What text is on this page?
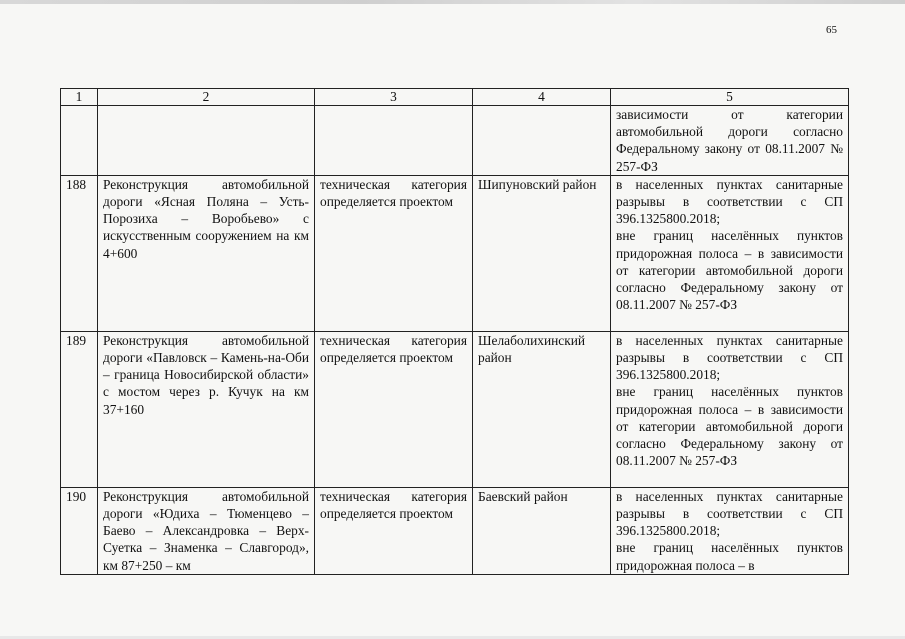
65
1	2	3	4	5

				зависимости от категории автомобильной дороги согласно Федеральному закону от 08.11.2007 № 257-ФЗ

188	Реконструкция автомобильной дороги «Ясная Поляна – Усть-Порозиха – Воробьево» с искусственным сооружением на км 4+600	техническая категория определяется проектом	Шипуновский район	в населенных пунктах санитарные разрывы в соответствии с СП 396.1325800.2018;
вне границ населённых пунктов придорожная полоса – в зависимости от категории автомобильной дороги согласно Федеральному закону от 08.11.2007 № 257-ФЗ

189	Реконструкция автомобильной дороги «Павловск – Камень-на-Оби – граница Новосибирской области» с мостом через р. Кучук на км 37+160	техническая категория определяется проектом	Шелаболихинский район	в населенных пунктах санитарные разрывы в соответствии с СП 396.1325800.2018;
вне границ населённых пунктов придорожная полоса – в зависимости от категории автомобильной дороги согласно Федеральному закону от 08.11.2007 № 257-ФЗ

190	Реконструкция автомобильной дороги «Юдиха – Тюменцево – Баево – Александровка – Верх-Суетка – Знаменка – Славгород», км 87+250 – км	техническая категория определяется проектом	Баевский район	в населенных пунктах санитарные разрывы в соответствии с СП 396.1325800.2018;
вне границ населённых пунктов придорожная полоса – в
